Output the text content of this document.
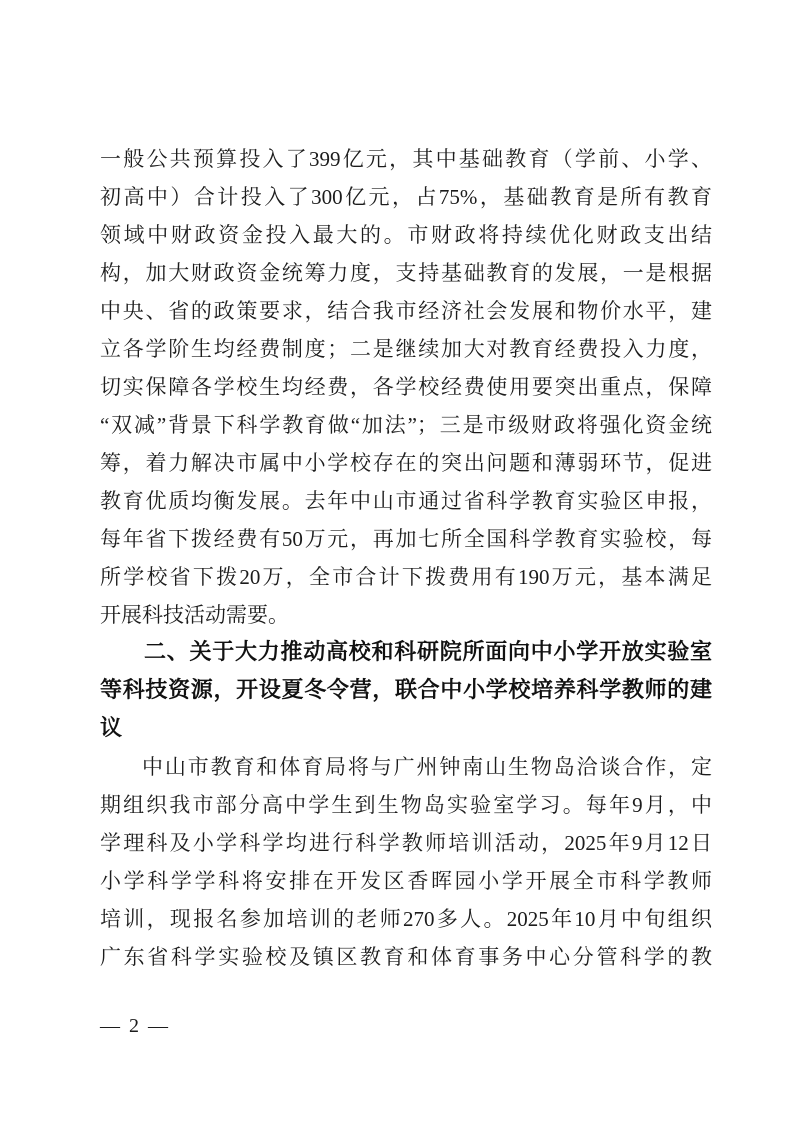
一般公共预算投入了399亿元，其中基础教育（学前、小学、
初高中）合计投入了300亿元，占75%，基础教育是所有教育
领域中财政资金投入最大的。市财政将持续优化财政支出结
构，加大财政资金统筹力度，支持基础教育的发展，一是根据
中央、省的政策要求，结合我市经济社会发展和物价水平，建
立各学阶生均经费制度；二是继续加大对教育经费投入力度，
切实保障各学校生均经费，各学校经费使用要突出重点，保障
“双减”背景下科学教育做“加法”；三是市级财政将强化资金统
筹，着力解决市属中小学校存在的突出问题和薄弱环节，促进
教育优质均衡发展。去年中山市通过省科学教育实验区申报，
每年省下拨经费有50万元，再加七所全国科学教育实验校，每
所学校省下拨20万，全市合计下拨费用有190万元，基本满足
开展科技活动需要。
二、关于大力推动高校和科研院所面向中小学开放实验室
等科技资源，开设夏冬令营，联合中小学校培养科学教师的建
议
中山市教育和体育局将与广州钟南山生物岛洽谈合作，定
期组织我市部分高中学生到生物岛实验室学习。每年9月，中
学理科及小学科学均进行科学教师培训活动，2025年9月12日
小学科学学科将安排在开发区香晖园小学开展全市科学教师
培训，现报名参加培训的老师270多人。2025年10月中旬组织
广东省科学实验校及镇区教育和体育事务中心分管科学的教
— 2 —
